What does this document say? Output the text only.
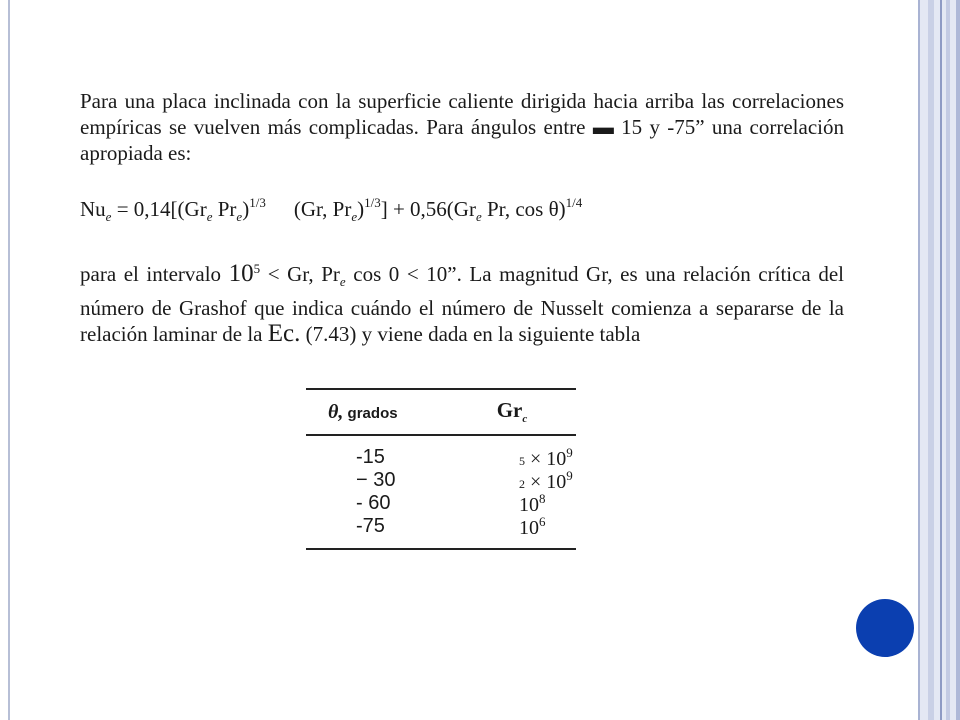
Para una placa inclinada con la superficie caliente dirigida hacia arriba las correlaciones empíricas se vuelven más complicadas. Para ángulos entre ▬ 15 y -75” una correlación apropiada es:

$Nu_e = 0,14[(Gr_e$ $Pr_e)^{1/3}$ (Gr, $Pr_e)^{1/3}] + 0,56(Gr_e$ Pr, cos θ)$^{1/4}$

para el intervalo $10^5 < Gr$, $Pr_e$ cos 0 < 10”. La magnitud Gr, es una relación crítica del número de Grashof que indica cuándo el número de Nusselt comienza a separarse de la relación laminar de la Ec. (7.43) y viene dada en la siguiente tabla

θ, grados	$Gr_c$
-15	$5 \times 10^9$
− 30	$2 \times 10^9$
- 60	$10^8$
-75	$10^6$
